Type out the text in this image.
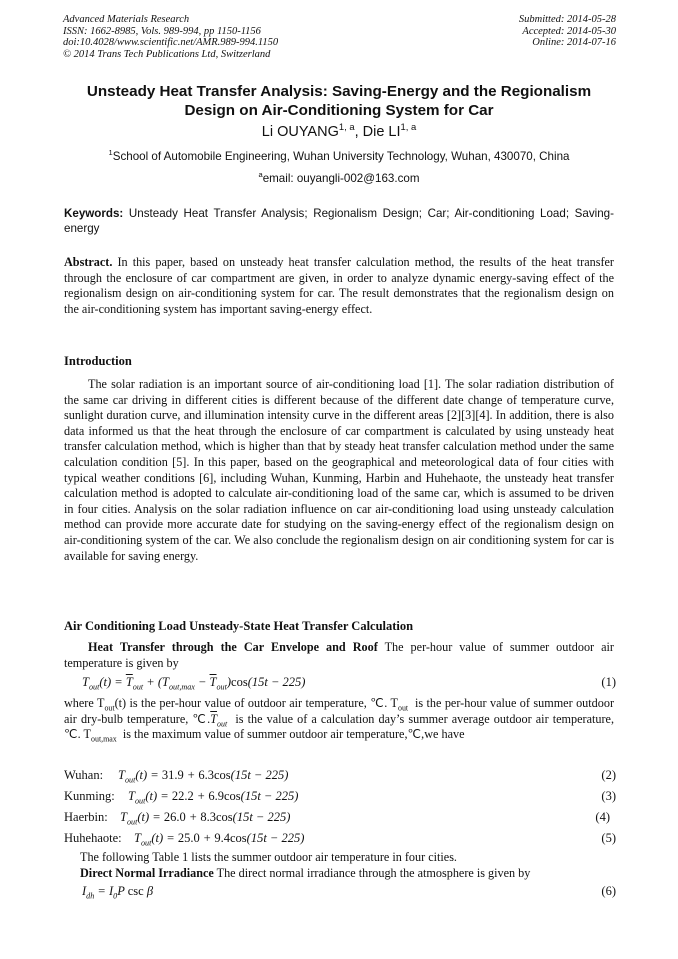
Advanced Materials Research
ISSN: 1662-8985, Vols. 989-994, pp 1150-1156
doi:10.4028/www.scientific.net/AMR.989-994.1150
© 2014 Trans Tech Publications Ltd, Switzerland
Submitted: 2014-05-28
Accepted: 2014-05-30
Online: 2014-07-16
Unsteady Heat Transfer Analysis: Saving-Energy and the Regionalism
Design on Air-Conditioning System for Car
Li OUYANG$^{1, a}$, Die LI$^{1, a}$
$^1$School of Automobile Engineering, Wuhan University Technology, Wuhan, 430070, China
$^a$email: ouyangli-002@163.com
Keywords: Unsteady Heat Transfer Analysis; Regionalism Design; Car; Air-conditioning Load; Saving-energy
Abstract. In this paper, based on unsteady heat transfer calculation method, the results of the heat transfer through the enclosure of car compartment are given, in order to analyze dynamic energy-saving effect of the regionalism design on air-conditioning system for car. The result demonstrates that the regionalism design on the air-conditioning system has important saving-energy effect.
Introduction
The solar radiation is an important source of air-conditioning load [1]. The solar radiation distribution of the same car driving in different cities is different because of the different date change of temperature curve, sunlight duration curve, and illumination intensity curve in the different areas [2][3][4]. In addition, there is also data informed us that the heat through the enclosure of car compartment is calculated by using unsteady heat transfer calculation method, which is higher than that by steady heat transfer calculation method under the same calculation condition [5]. In this paper, based on the geographical and meteorological data of four cities with typical weather conditions [6], including Wuhan, Kunming, Harbin and Huhehaote, the unsteady heat transfer calculation method is adopted to calculate air-conditioning load of the same car, which is assumed to be driven in four cities. Analysis on the solar radiation influence on car air-conditioning load using unsteady calculation method can provide more accurate date for studying on the saving-energy effect of the regionalism design on air-conditioning system of the car. We also conclude the regionalism design on air conditioning system for car is available for saving energy.
Air Conditioning Load Unsteady-State Heat Transfer Calculation
Heat Transfer through the Car Envelope and Roof The per-hour value of summer outdoor air temperature is given by
$T_{out}(t) = \overline{T}_{out} + (T_{out,max} - \overline{T}_{out})\cos(15t - 225)$	(1)
where $T_{out}(t)$ is the per-hour value of outdoor air temperature, ℃. $T_{out}$  is the per-hour value of summer outdoor air dry-bulb temperature, $℃.\overline{T}_{out}$  is the value of a calculation day’s summer average outdoor air temperature, ℃. $T_{out,max}$  is the maximum value of summer outdoor air temperature,℃,we have
Wuhan: $T_{out}(t) = 31.9 + 6.3\cos(15t - 225)$	(2)
Kunming: $T_{out}(t) = 22.2 + 6.9\cos(15t - 225)$	(3)
Haerbin: $T_{out}(t) = 26.0 + 8.3\cos(15t - 225)$	(4)
Huhehaote: $T_{out}(t) = 25.0 + 9.4\cos(15t - 225)$	(5)
The following Table 1 lists the summer outdoor air temperature in four cities.
Direct Normal Irradiance The direct normal irradiance through the atmosphere is given by
$I_{dh} = I_0P$ csc β	(6)
